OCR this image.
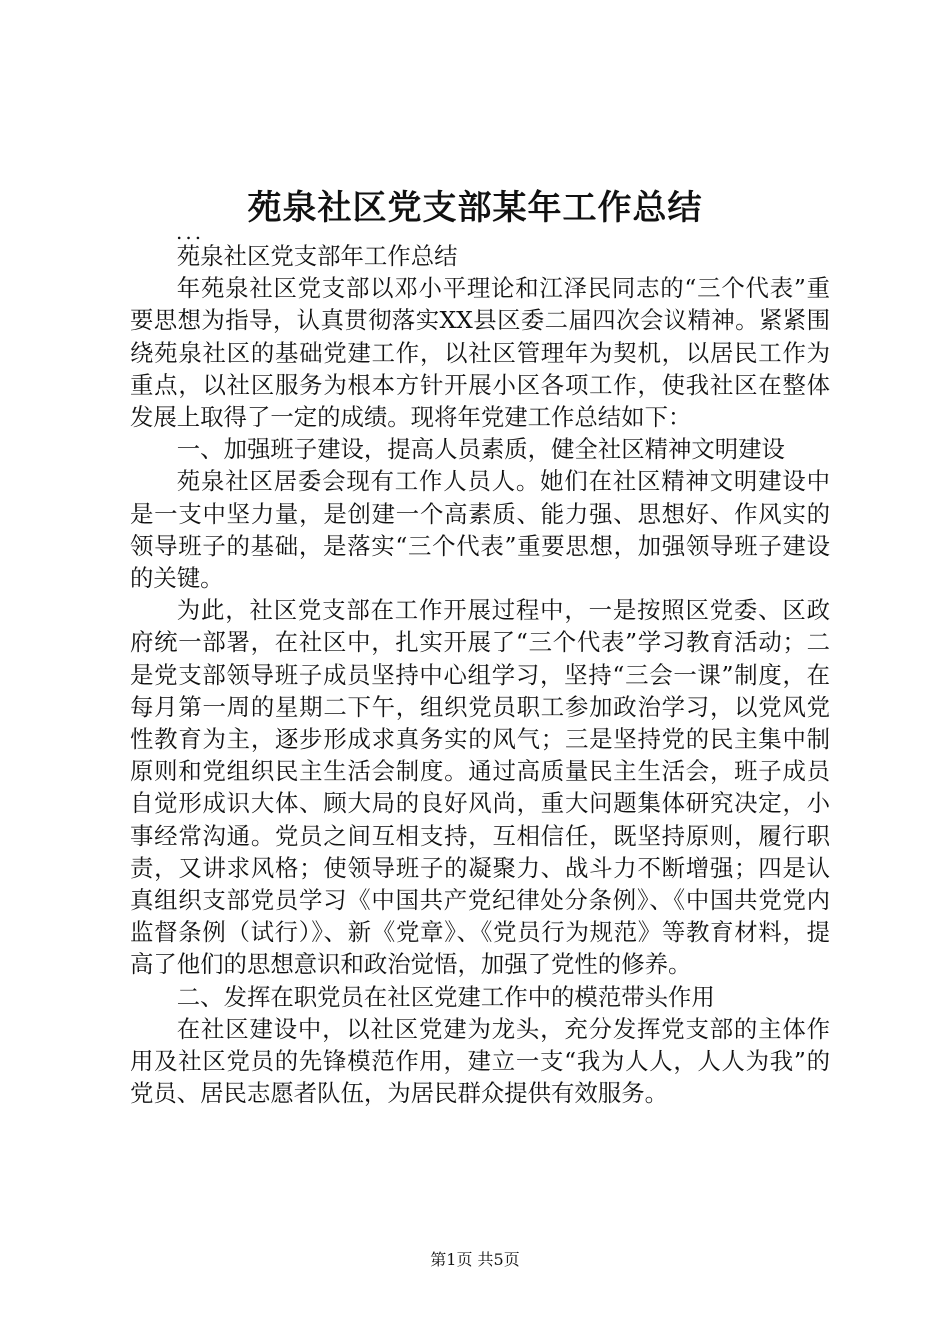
苑泉社区党支部某年工作总结
...

苑泉社区党支部年工作总结

年苑泉社区党支部以邓小平理论和江泽民同志的“三个代表”重要思想为指导，认真贯彻落实XX县区委二届四次会议精神。紧紧围绕苑泉社区的基础党建工作，以社区管理年为契机，以居民工作为重点，以社区服务为根本方针开展小区各项工作，使我社区在整体发展上取得了一定的成绩。现将年党建工作总结如下：

一、加强班子建设，提高人员素质，健全社区精神文明建设

苑泉社区居委会现有工作人员人。她们在社区精神文明建设中是一支中坚力量，是创建一个高素质、能力强、思想好、作风实的领导班子的基础，是落实“三个代表”重要思想，加强领导班子建设的关键。

为此，社区党支部在工作开展过程中，一是按照区党委、区政府统一部署，在社区中，扎实开展了“三个代表”学习教育活动；二是党支部领导班子成员坚持中心组学习，坚持“三会一课”制度，在每月第一周的星期二下午，组织党员职工参加政治学习，以党风党性教育为主，逐步形成求真务实的风气；三是坚持党的民主集中制原则和党组织民主生活会制度。通过高质量民主生活会，班子成员自觉形成识大体、顾大局的良好风尚，重大问题集体研究决定，小事经常沟通。党员之间互相支持，互相信任，既坚持原则，履行职责，又讲求风格；使领导班子的凝聚力、战斗力不断增强；四是认真组织支部党员学习《中国共产党纪律处分条例》、《中国共党党内监督条例（试行）》、新《党章》、《党员行为规范》等教育材料，提高了他们的思想意识和政治觉悟，加强了党性的修养。

二、发挥在职党员在社区党建工作中的模范带头作用

在社区建设中，以社区党建为龙头，充分发挥党支部的主体作用及社区党员的先锋模范作用，建立一支“我为人人，人人为我”的党员、居民志愿者队伍，为居民群众提供有效服务。

第1页 共5页
